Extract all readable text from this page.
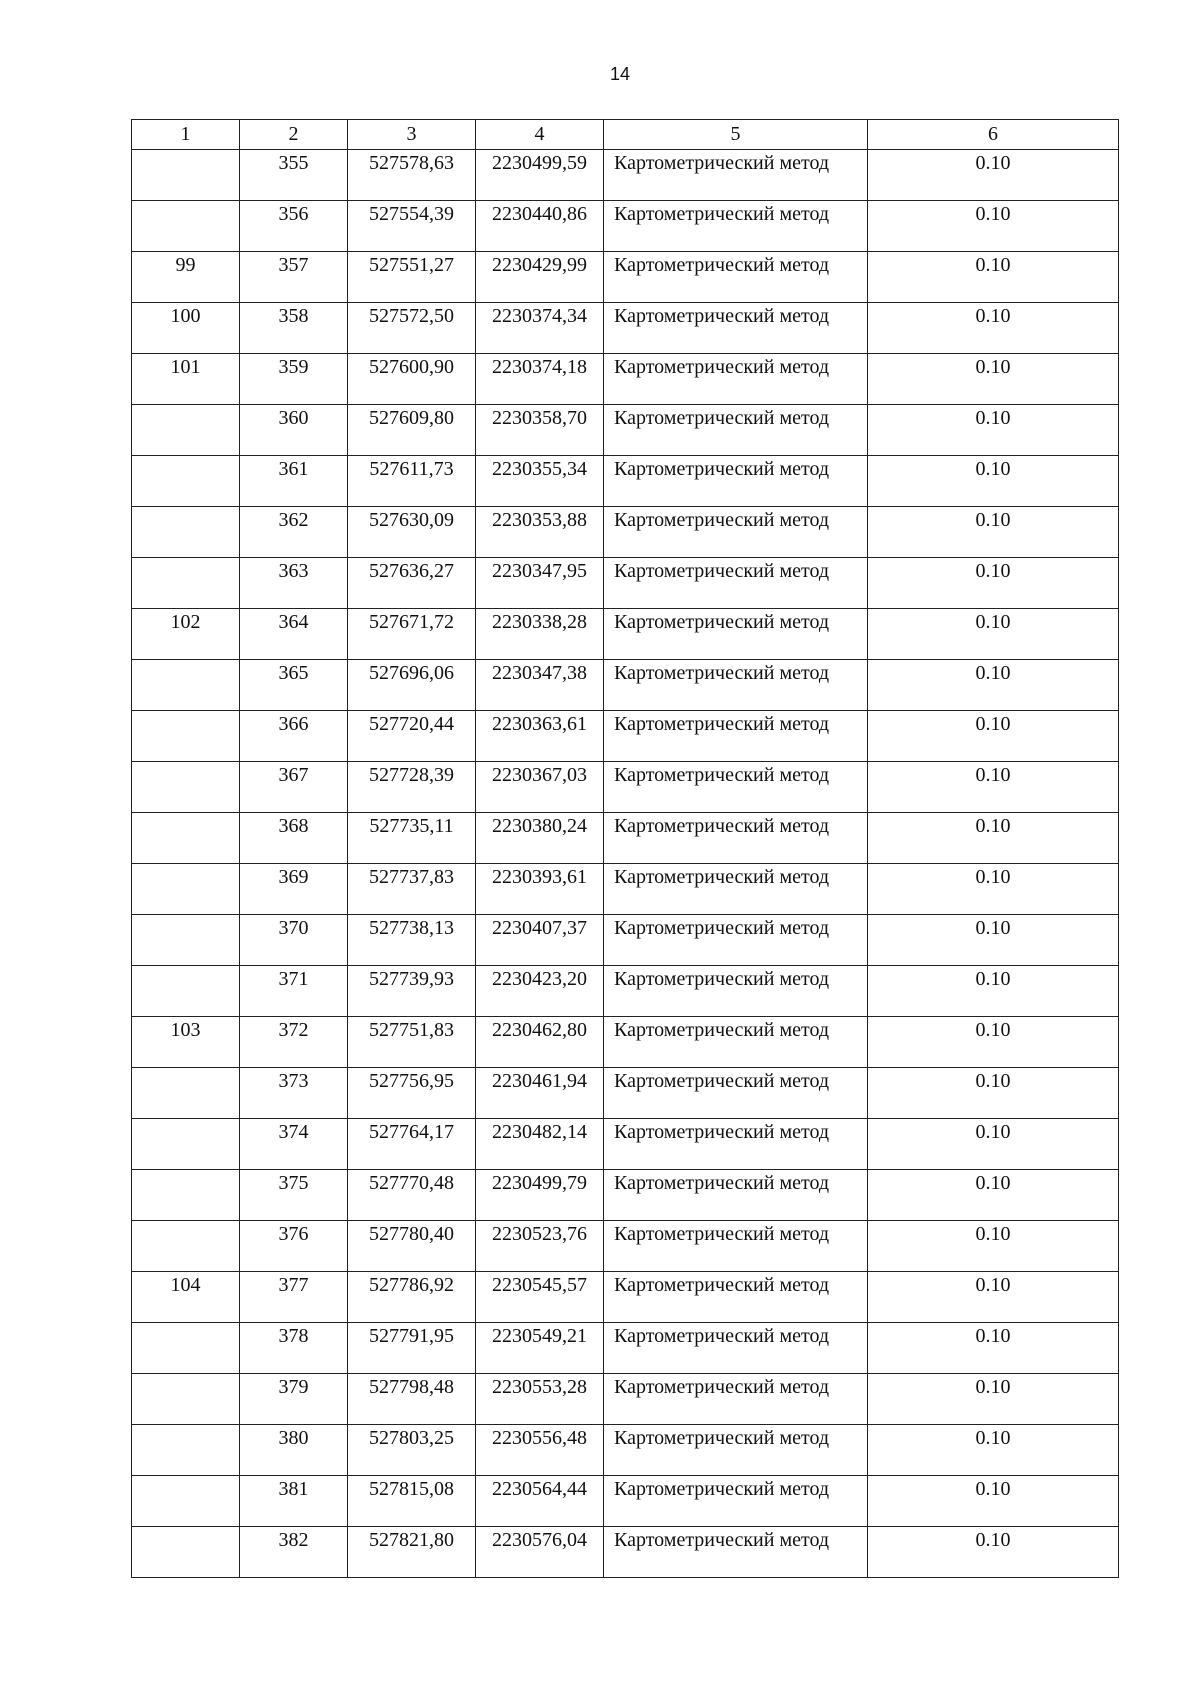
14
1	2	3	4	5	6
	355	527578,63	2230499,59	Картометрический метод	0.10
	356	527554,39	2230440,86	Картометрический метод	0.10
99	357	527551,27	2230429,99	Картометрический метод	0.10
100	358	527572,50	2230374,34	Картометрический метод	0.10
101	359	527600,90	2230374,18	Картометрический метод	0.10
	360	527609,80	2230358,70	Картометрический метод	0.10
	361	527611,73	2230355,34	Картометрический метод	0.10
	362	527630,09	2230353,88	Картометрический метод	0.10
	363	527636,27	2230347,95	Картометрический метод	0.10
102	364	527671,72	2230338,28	Картометрический метод	0.10
	365	527696,06	2230347,38	Картометрический метод	0.10
	366	527720,44	2230363,61	Картометрический метод	0.10
	367	527728,39	2230367,03	Картометрический метод	0.10
	368	527735,11	2230380,24	Картометрический метод	0.10
	369	527737,83	2230393,61	Картометрический метод	0.10
	370	527738,13	2230407,37	Картометрический метод	0.10
	371	527739,93	2230423,20	Картометрический метод	0.10
103	372	527751,83	2230462,80	Картометрический метод	0.10
	373	527756,95	2230461,94	Картометрический метод	0.10
	374	527764,17	2230482,14	Картометрический метод	0.10
	375	527770,48	2230499,79	Картометрический метод	0.10
	376	527780,40	2230523,76	Картометрический метод	0.10
104	377	527786,92	2230545,57	Картометрический метод	0.10
	378	527791,95	2230549,21	Картометрический метод	0.10
	379	527798,48	2230553,28	Картометрический метод	0.10
	380	527803,25	2230556,48	Картометрический метод	0.10
	381	527815,08	2230564,44	Картометрический метод	0.10
	382	527821,80	2230576,04	Картометрический метод	0.10
